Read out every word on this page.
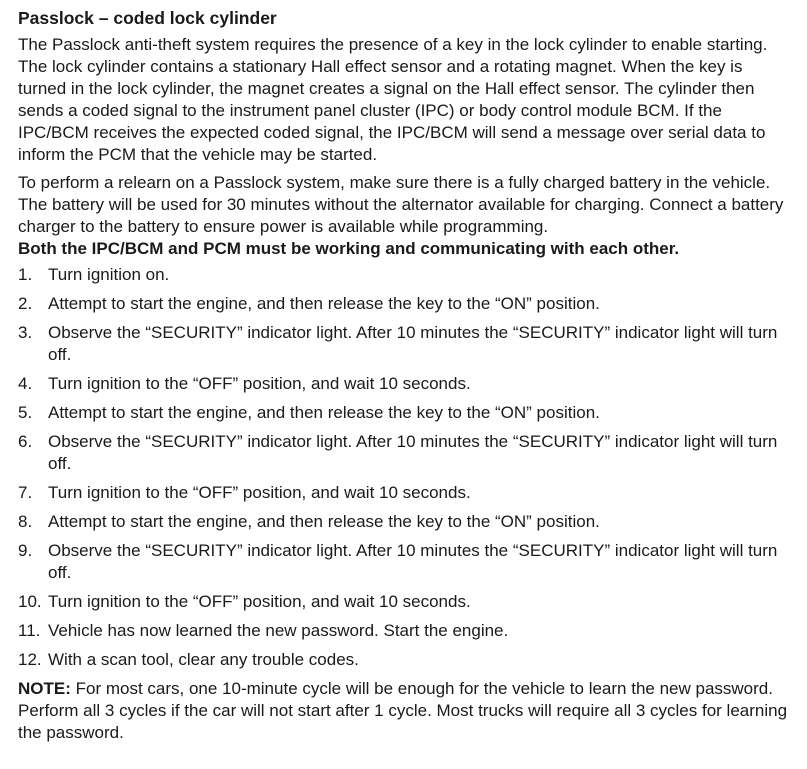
Passlock – coded lock cylinder

The Passlock anti-theft system requires the presence of a key in the lock cylinder to enable starting. The lock cylinder contains a stationary Hall effect sensor and a rotating magnet. When the key is turned in the lock cylinder, the magnet creates a signal on the Hall effect sensor. The cylinder then sends a coded signal to the instrument panel cluster (IPC) or body control module BCM. If the IPC/BCM receives the expected coded signal, the IPC/BCM will send a message over serial data to inform the PCM that the vehicle may be started.

To perform a relearn on a Passlock system, make sure there is a fully charged battery in the vehicle. The battery will be used for 30 minutes without the alternator available for charging. Connect a battery charger to the battery to ensure power is available while programming.
Both the IPC/BCM and PCM must be working and communicating with each other.

1. Turn ignition on.
2. Attempt to start the engine, and then release the key to the “ON” position.
3. Observe the “SECURITY” indicator light. After 10 minutes the “SECURITY” indicator light will turn off.
4. Turn ignition to the “OFF” position, and wait 10 seconds.
5. Attempt to start the engine, and then release the key to the “ON” position.
6. Observe the “SECURITY” indicator light. After 10 minutes the “SECURITY” indicator light will turn off.
7. Turn ignition to the “OFF” position, and wait 10 seconds.
8. Attempt to start the engine, and then release the key to the “ON” position.
9. Observe the “SECURITY” indicator light. After 10 minutes the “SECURITY” indicator light will turn off.
10. Turn ignition to the “OFF” position, and wait 10 seconds.
11. Vehicle has now learned the new password. Start the engine.
12. With a scan tool, clear any trouble codes.

NOTE: For most cars, one 10-minute cycle will be enough for the vehicle to learn the new password. Perform all 3 cycles if the car will not start after 1 cycle. Most trucks will require all 3 cycles for learning the password.
